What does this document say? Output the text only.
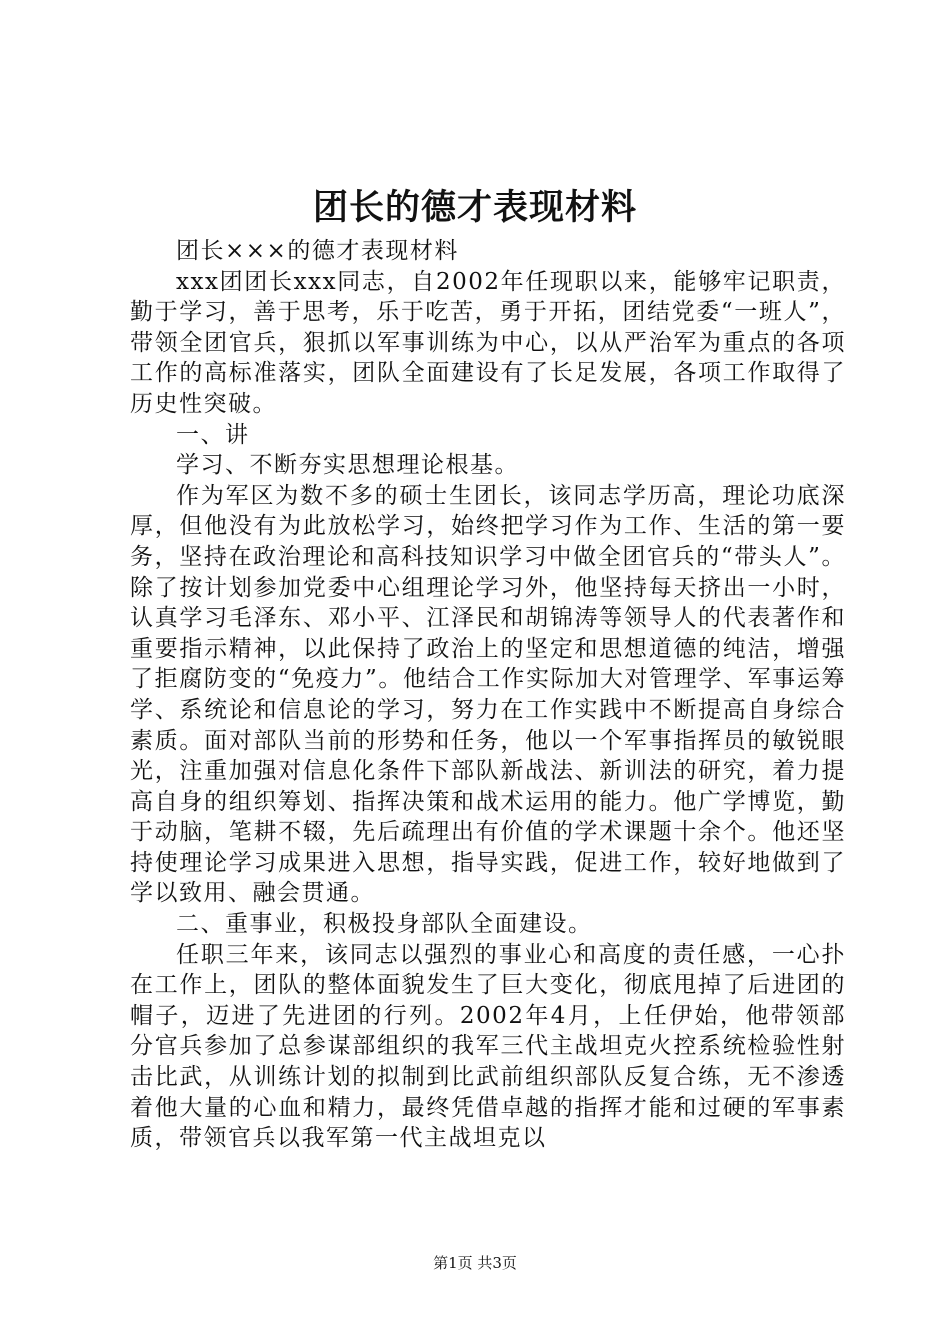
团长的德才表现材料

团长×××的德才表现材料

xxx团团长xxx同志，自2002年任现职以来，能够牢记职责，勤于学习，善于思考，乐于吃苦，勇于开拓，团结党委“一班人”，带领全团官兵，狠抓以军事训练为中心，以从严治军为重点的各项工作的高标准落实，团队全面建设有了长足发展，各项工作取得了历史性突破。

一、讲

学习、不断夯实思想理论根基。

作为军区为数不多的硕士生团长，该同志学历高，理论功底深厚，但他没有为此放松学习，始终把学习作为工作、生活的第一要务，坚持在政治理论和高科技知识学习中做全团官兵的“带头人”。除了按计划参加党委中心组理论学习外，他坚持每天挤出一小时，认真学习毛泽东、邓小平、江泽民和胡锦涛等领导人的代表著作和重要指示精神，以此保持了政治上的坚定和思想道德的纯洁，增强了拒腐防变的“免疫力”。他结合工作实际加大对管理学、军事运筹学、系统论和信息论的学习，努力在工作实践中不断提高自身综合素质。面对部队当前的形势和任务，他以一个军事指挥员的敏锐眼光，注重加强对信息化条件下部队新战法、新训法的研究，着力提高自身的组织筹划、指挥决策和战术运用的能力。他广学博览，勤于动脑，笔耕不辍，先后疏理出有价值的学术课题十余个。他还坚持使理论学习成果进入思想，指导实践，促进工作，较好地做到了学以致用、融会贯通。

二、重事业，积极投身部队全面建设。

任职三年来，该同志以强烈的事业心和高度的责任感，一心扑在工作上，团队的整体面貌发生了巨大变化，彻底甩掉了后进团的帽子，迈进了先进团的行列。2002年4月，上任伊始，他带领部分官兵参加了总参谋部组织的我军三代主战坦克火控系统检验性射击比武，从训练计划的拟制到比武前组织部队反复合练，无不渗透着他大量的心血和精力，最终凭借卓越的指挥才能和过硬的军事素质，带领官兵以我军第一代主战坦克以

第1页 共3页
